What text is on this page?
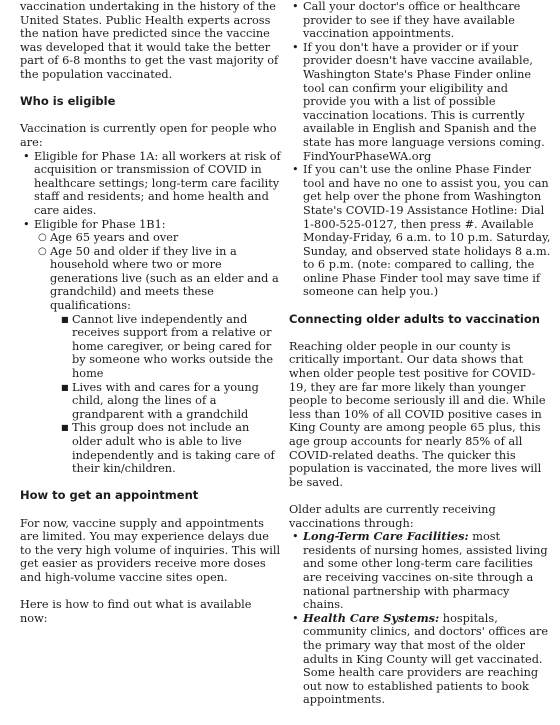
vaccination undertaking in the history of the United States. Public Health experts across the nation have predicted since the vaccine was developed that it would take the better part of 6-8 months to get the vast majority of the population vaccinated.

Who is eligible

Vaccination is currently open for people who are:

• Eligible for Phase 1A: all workers at risk of acquisition or transmission of COVID in healthcare settings; long-term care facility staff and residents; and home health and care aides.
• Eligible for Phase 1B1:
○ Age 65 years and over
○ Age 50 and older if they live in a household where two or more generations live (such as an elder and a grandchild) and meets these qualifications:
■ Cannot live independently and receives support from a relative or home caregiver, or being cared for by someone who works outside the home
■ Lives with and cares for a young child, along the lines of a grandparent with a grandchild
■ This group does not include an older adult who is able to live independently and is taking care of their kin/children.
How to get an appointment

For now, vaccine supply and appointments are limited. You may experience delays due to the very high volume of inquiries. This will get easier as providers receive more doses and high-volume vaccine sites open.

Here is how to find out what is available now:

• Call your doctor's office or healthcare provider to see if they have available vaccination appointments.
• If you don't have a provider or if your provider doesn't have vaccine available, Washington State's Phase Finder online tool can confirm your eligibility and provide you with a list of possible vaccination locations. This is currently available in English and Spanish and the state has more language versions coming. FindYourPhaseWA.org
• If you can't use the online Phase Finder tool and have no one to assist you, you can get help over the phone from Washington State's COVID-19 Assistance Hotline: Dial 1-800-525-0127, then press #. Available Monday-Friday, 6 a.m. to 10 p.m. Saturday, Sunday, and observed state holidays 8 a.m. to 6 p.m. (note: compared to calling, the online Phase Finder tool may save time if someone can help you.)
Connecting older adults to vaccination

Reaching older people in our county is critically important. Our data shows that when older people test positive for COVID-19, they are far more likely than younger people to become seriously ill and die. While less than 10% of all COVID positive cases in King County are among people 65 plus, this age group accounts for nearly 85% of all COVID-related deaths. The quicker this population is vaccinated, the more lives will be saved.

Older adults are currently receiving vaccinations through:

• Long-Term Care Facilities: most residents of nursing homes, assisted living and some other long-term care facilities are receiving vaccines on-site through a national partnership with pharmacy chains.
• Health Care Systems: hospitals, community clinics, and doctors' offices are the primary way that most of the older adults in King County will get vaccinated. Some health care providers are reaching out now to established patients to book appointments.
